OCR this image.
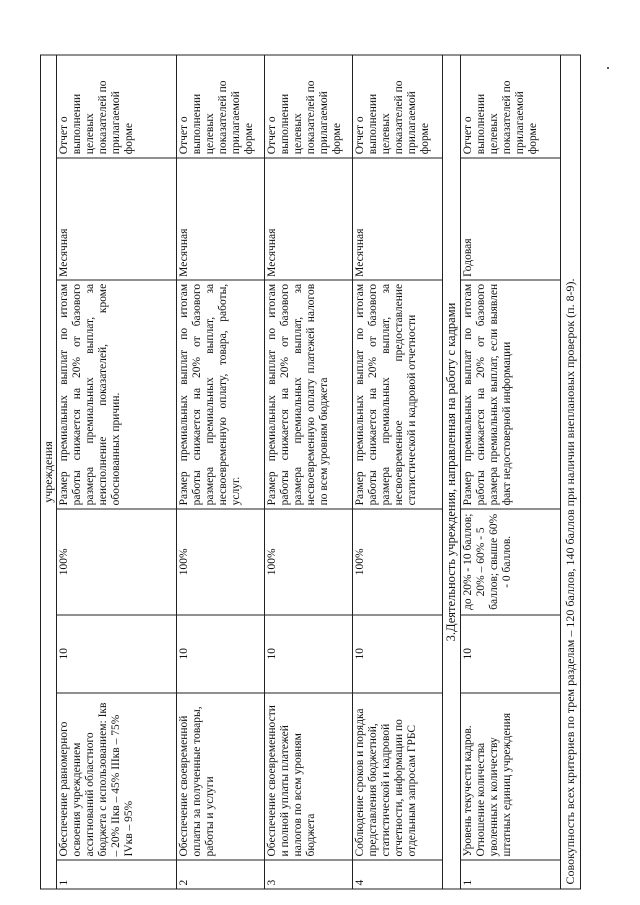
учреждения						
1	Обеспечение равномерного освоения учреждением ассигнований областного бюджета с использованием: Iкв – 20% IIкв – 45% IIIкв – 75% IVкв – 95%	10	100%	Размер премиальных выплат по итогам работы снижается на 20% от базового размера премиальных выплат, за неисполнение показателей, кроме обоснованных причин.	Месячная	Отчет о выполнении целевых показателей по прилагаемой форме
2	Обеспечение своевременной оплаты за полученные товары, работы и услуги	10	100%	Размер премиальных выплат по итогам работы снижается на 20% от базового размера премиальных выплат, за несвоевременную оплату, товара, работы, услуг.	Месячная	Отчет о выполнении целевых показателей по прилагаемой форме
3	Обеспечение своевременности и полной уплаты платежей налогов по всем уровням бюджета	10	100%	Размер премиальных выплат по итогам работы снижается на 20% от базового размера премиальных выплат, за несвоевременную оплату платежей налогов по всем уровням бюджета	Месячная	Отчет о выполнении целевых показателей по прилагаемой форме
4	Соблюдение сроков и порядка представления бюджетной, статистической и кадровой отчетности, информации по отдельным запросам ГРБС	10	100%	Размер премиальных выплат по итогам работы снижается на 20% от базового размера премиальных выплат, за несвоевременное предоставление статистической и кадровой отчетности	Месячная	Отчет о выполнении целевых показателей по прилагаемой форме
3.Деятельность учреждения, направленная на работу с кадрами						
1	Уровень текучести кадров. Отношение количества уволенных к количеству штатных единиц учреждения	10	до 20% - 10 баллов; 20% – 60% - 5 баллов; свыше 60% - 0 баллов.	Размер премиальных выплат по итогам работы снижается на 20% от базового размера премиальных выплат, если выявлен факт недостоверной информации	Годовая	Отчет о выполнении целевых показателей по прилагаемой форме
Совокупность всех критериев по трем разделам – 120 баллов, 140 баллов при наличии внеплановых проверок (п. 8-9).						
